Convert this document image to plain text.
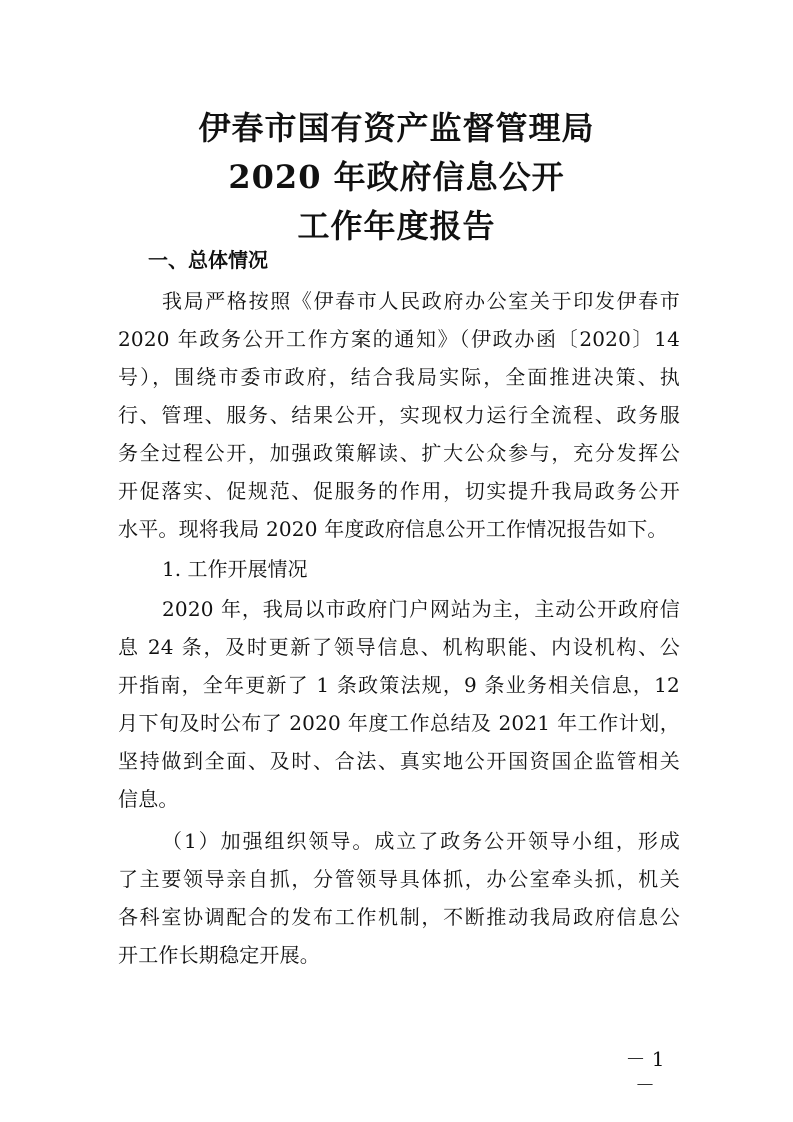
伊春市国有资产监督管理局
2020 年政府信息公开
工作年度报告
一、总体情况
我局严格按照《伊春市人民政府办公室关于印发伊春市
2020 年政务公开工作方案的通知》（伊政办函〔2020〕14
号），围绕市委市政府，结合我局实际，全面推进决策、执
行、管理、服务、结果公开，实现权力运行全流程、政务服
务全过程公开，加强政策解读、扩大公众参与，充分发挥公
开促落实、促规范、促服务的作用，切实提升我局政务公开
水平。现将我局 2020 年度政府信息公开工作情况报告如下。
1. 工作开展情况
2020 年，我局以市政府门户网站为主，主动公开政府信
息 24 条，及时更新了领导信息、机构职能、内设机构、公
开指南，全年更新了 1 条政策法规，9 条业务相关信息，12
月下旬及时公布了 2020 年度工作总结及 2021 年工作计划，
坚持做到全面、及时、合法、真实地公开国资国企监管相关
信息。
（1）加强组织领导。成立了政务公开领导小组，形成
了主要领导亲自抓，分管领导具体抓，办公室牵头抓，机关
各科室协调配合的发布工作机制，不断推动我局政府信息公
开工作长期稳定开展。
－ 1 －
